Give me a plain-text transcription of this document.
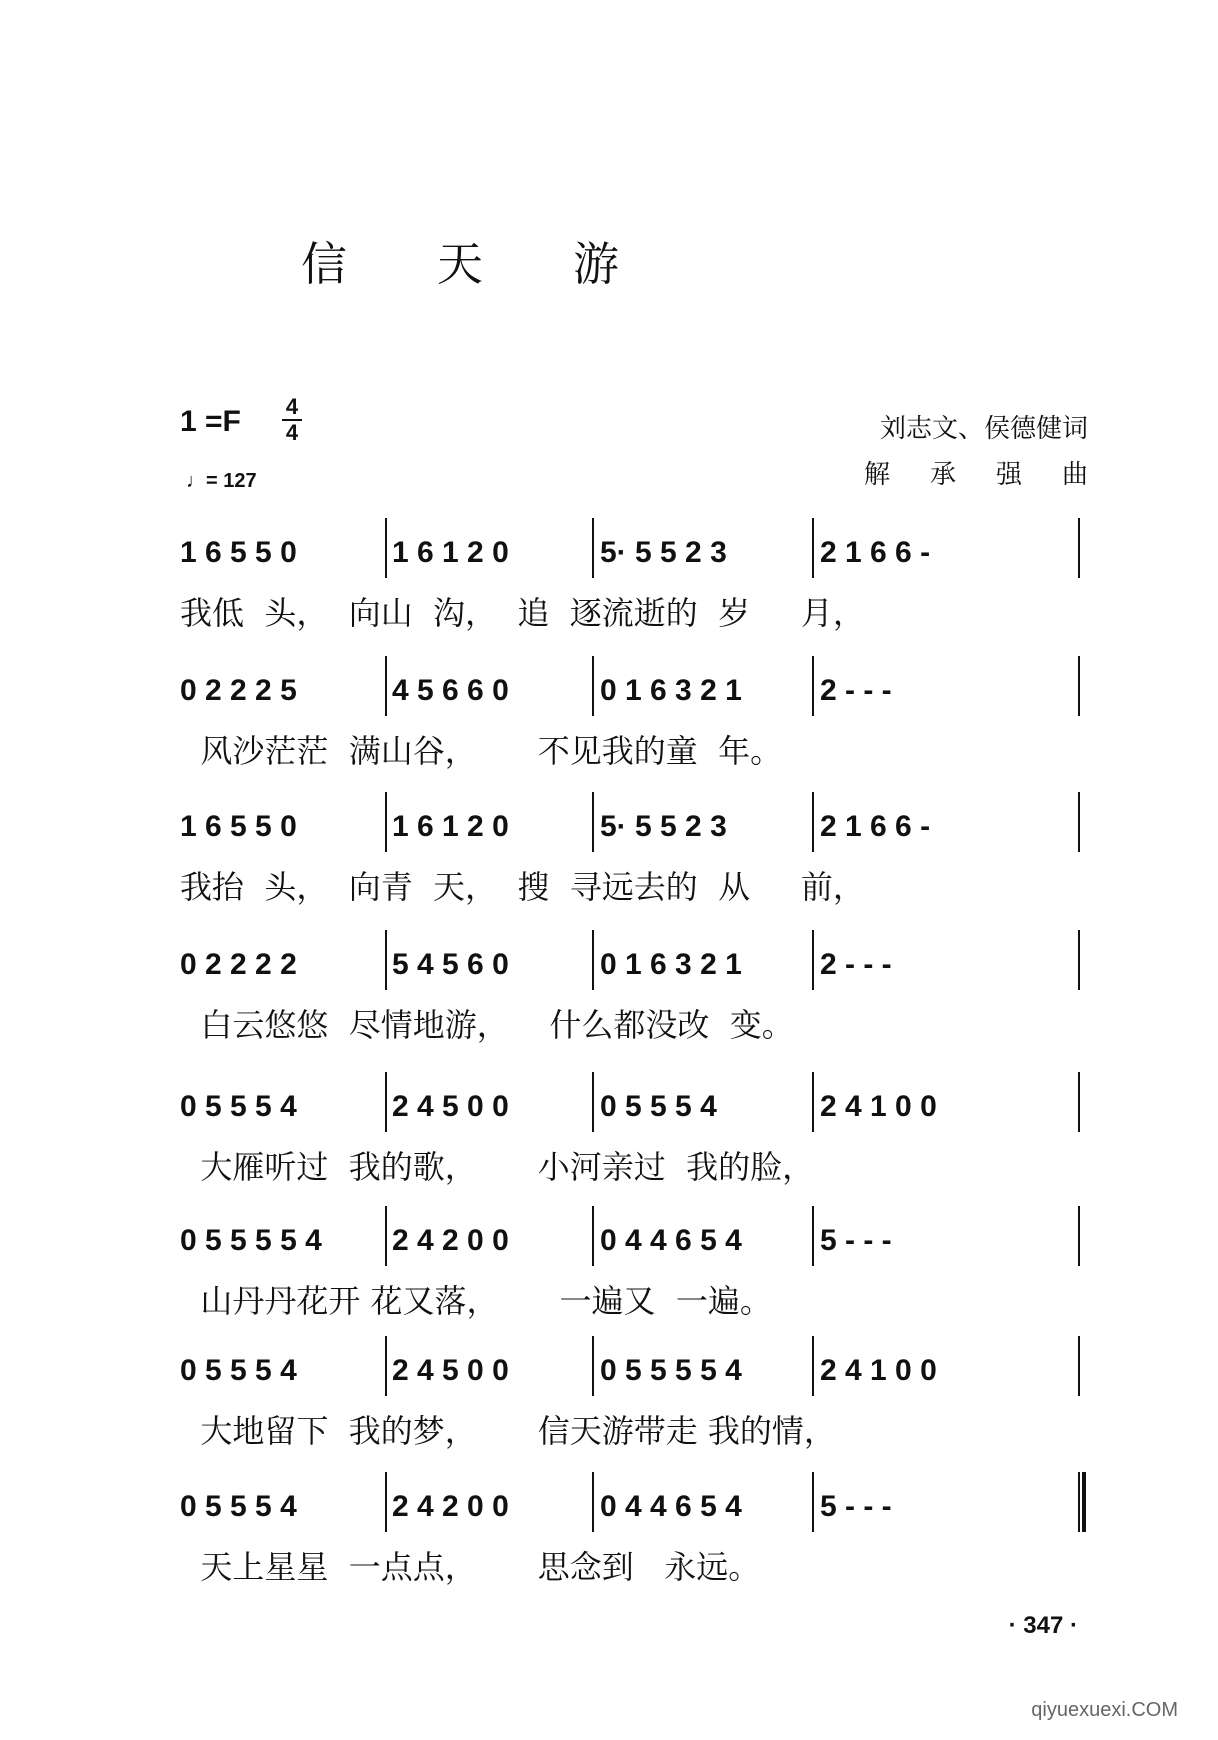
信天游
1 =F 4
4
♩= 127
刘志文、侯德健词
解承强曲
1 6 5 5 0	1 6 1 2 0	5· 5 5 2 3	2 1 6 6 -
我低  头，  向山  沟，  追  逐流逝的  岁     月，
0 2 2 2 5	4 5 6 6 0	0 1 6 3 2 1	2 - - -
风沙茫茫  满山谷，      不见我的童  年。
1 6 5 5 0	1 6 1 2 0	5· 5 5 2 3	2 1 6 6 -
我抬  头，  向青  天，  搜  寻远去的  从     前，
0 2 2 2 2	5 4 5 6 0	0 1 6 3 2 1	2 - - -
白云悠悠  尽情地游，    什么都没改  变。
0 5 5 5 4	2 4 5 0 0	0 5 5 5 4	2 4 1 0 0
大雁听过  我的歌，      小河亲过  我的脸，
0 5 5 5 5 4 2 4 2 0 0	0 4 4 6 5 4	5 - - -
山丹丹花开 花又落，      一遍又  一遍。
0 5 5 5 4	2 4 5 0 0	0 5 5 5 5 4	2 4 1 0 0
大地留下  我的梦，      信天游带走 我的情，
0 5 5 5 4	2 4 2 0 0	0 4 4 6 5 4	5 - - -
天上星星  一点点，      思念到   永远。
· 347 ·
qiyuexuexi.COM
